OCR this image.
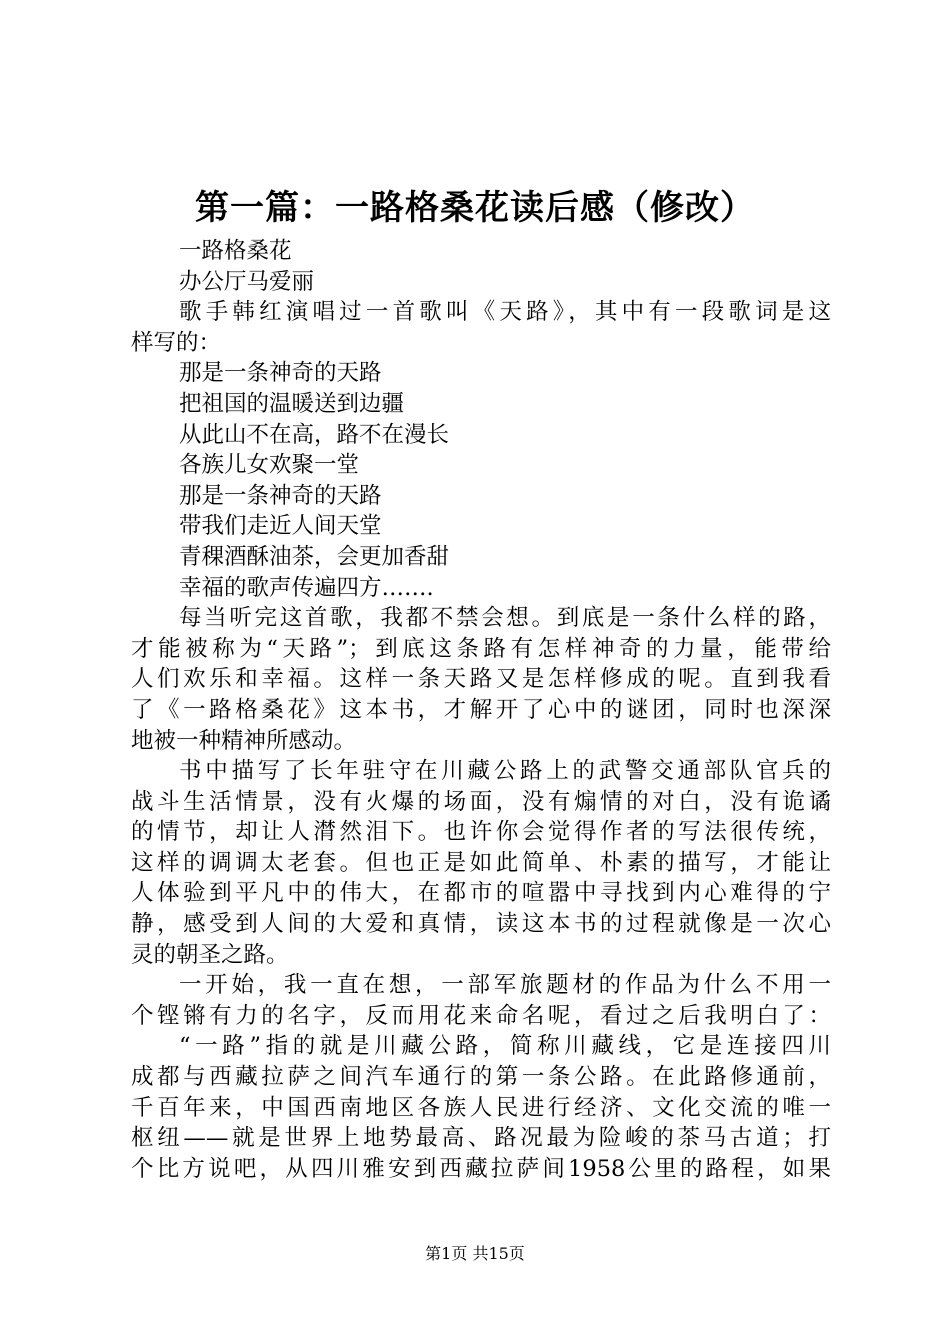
第一篇：一路格桑花读后感（修改）
一路格桑花
办公厅马爱丽
歌手韩红演唱过一首歌叫《天路》，其中有一段歌词是这
样写的：
那是一条神奇的天路
把祖国的温暖送到边疆
从此山不在高，路不在漫长
各族儿女欢聚一堂
那是一条神奇的天路
带我们走近人间天堂
青稞酒酥油茶，会更加香甜
幸福的歌声传遍四方…….
每当听完这首歌，我都不禁会想。到底是一条什么样的路，
才能被称为“天路”；到底这条路有怎样神奇的力量，能带给
人们欢乐和幸福。这样一条天路又是怎样修成的呢。直到我看
了《一路格桑花》这本书，才解开了心中的谜团，同时也深深
地被一种精神所感动。
书中描写了长年驻守在川藏公路上的武警交通部队官兵的
战斗生活情景，没有火爆的场面，没有煽情的对白，没有诡谲
的情节，却让人潸然泪下。也许你会觉得作者的写法很传统，
这样的调调太老套。但也正是如此简单、朴素的描写，才能让
人体验到平凡中的伟大，在都市的喧嚣中寻找到内心难得的宁
静，感受到人间的大爱和真情，读这本书的过程就像是一次心
灵的朝圣之路。
一开始，我一直在想，一部军旅题材的作品为什么不用一
个铿锵有力的名字，反而用花来命名呢，看过之后我明白了：
“一路”指的就是川藏公路，简称川藏线，它是连接四川
成都与西藏拉萨之间汽车通行的第一条公路。在此路修通前，
千百年来，中国西南地区各族人民进行经济、文化交流的唯一
枢纽——就是世界上地势最高、路况最为险峻的茶马古道；打
个比方说吧，从四川雅安到西藏拉萨间1958公里的路程，如果
第1页 共15页
